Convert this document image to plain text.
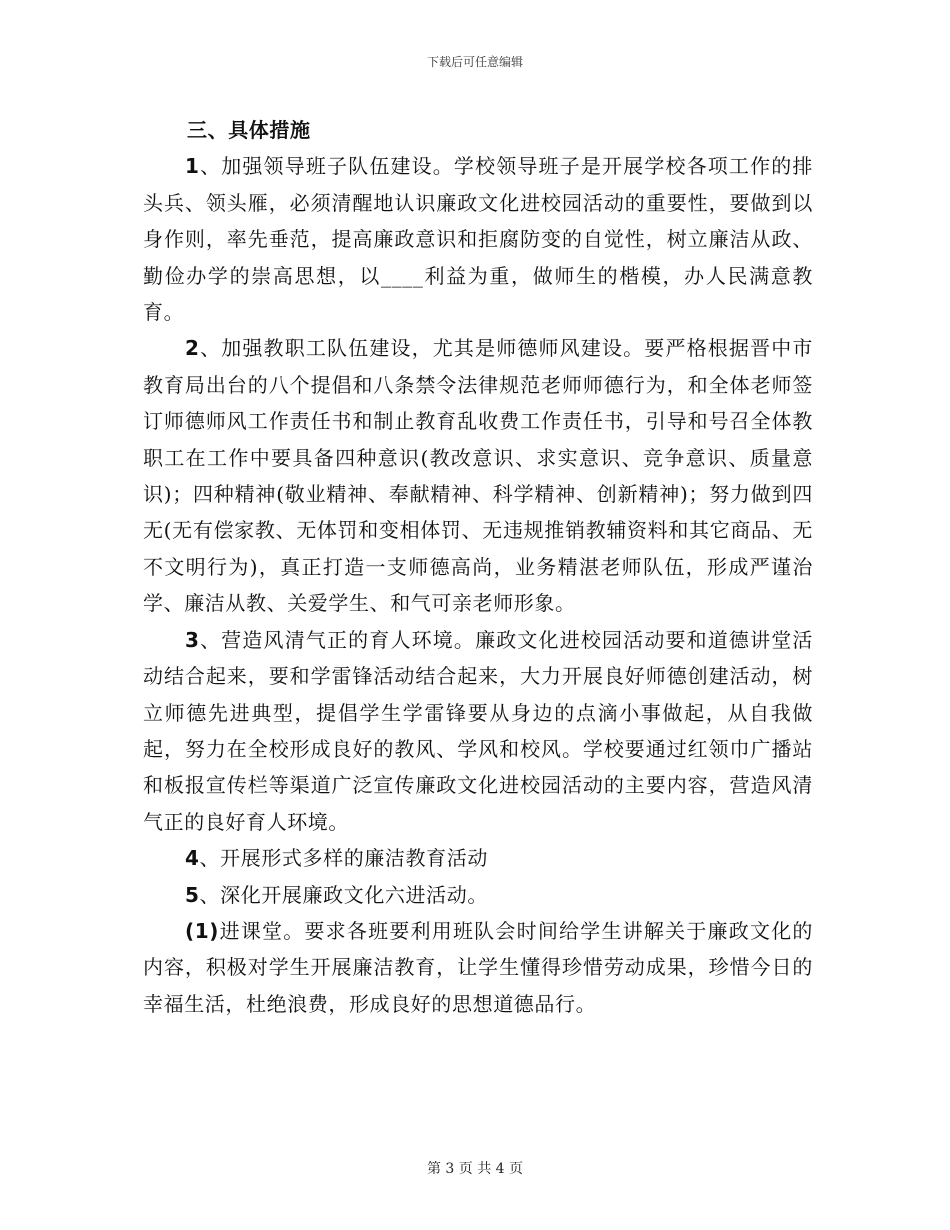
下载后可任意编辑

三、具体措施

1、加强领导班子队伍建设。学校领导班子是开展学校各项工作的排头兵、领头雁，必须清醒地认识廉政文化进校园活动的重要性，要做到以身作则，率先垂范，提高廉政意识和拒腐防变的自觉性，树立廉洁从政、勤俭办学的崇高思想，以____利益为重，做师生的楷模，办人民满意教育。

2、加强教职工队伍建设，尤其是师德师风建设。要严格根据晋中市教育局出台的八个提倡和八条禁令法律规范老师师德行为，和全体老师签订师德师风工作责任书和制止教育乱收费工作责任书，引导和号召全体教职工在工作中要具备四种意识(教改意识、求实意识、竞争意识、质量意识)；四种精神(敬业精神、奉献精神、科学精神、创新精神)；努力做到四无(无有偿家教、无体罚和变相体罚、无违规推销教辅资料和其它商品、无不文明行为)，真正打造一支师德高尚，业务精湛老师队伍，形成严谨治学、廉洁从教、关爱学生、和气可亲老师形象。

3、营造风清气正的育人环境。廉政文化进校园活动要和道德讲堂活动结合起来，要和学雷锋活动结合起来，大力开展良好师德创建活动，树立师德先进典型，提倡学生学雷锋要从身边的点滴小事做起，从自我做起，努力在全校形成良好的教风、学风和校风。学校要通过红领巾广播站和板报宣传栏等渠道广泛宣传廉政文化进校园活动的主要内容，营造风清气正的良好育人环境。

4、开展形式多样的廉洁教育活动

5、深化开展廉政文化六进活动。

(1)进课堂。要求各班要利用班队会时间给学生讲解关于廉政文化的内容，积极对学生开展廉洁教育，让学生懂得珍惜劳动成果，珍惜今日的幸福生活，杜绝浪费，形成良好的思想道德品行。

第 3 页 共 4 页
